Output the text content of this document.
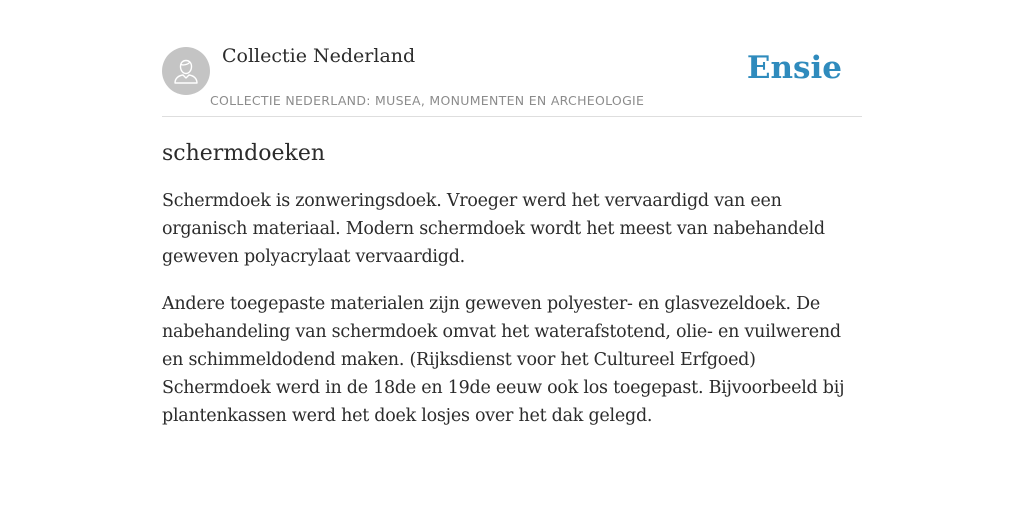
Collectie Nederland
COLLECTIE NEDERLAND: MUSEA, MONUMENTEN EN ARCHEOLOGIE
Ensie
schermdoeken

Schermdoek is zonweringsdoek. Vroeger werd het vervaardigd van een organisch materiaal. Modern schermdoek wordt het meest van nabehandeld geweven polyacrylaat vervaardigd.

Andere toegepaste materialen zijn geweven polyester- en glasvezeldoek. De nabehandeling van schermdoek omvat het waterafstotend, olie- en vuilwerend en schimmeldodend maken. (Rijksdienst voor het Cultureel Erfgoed) Schermdoek werd in de 18de en 19de eeuw ook los toegepast. Bijvoorbeeld bij plantenkassen werd het doek losjes over het dak gelegd.
